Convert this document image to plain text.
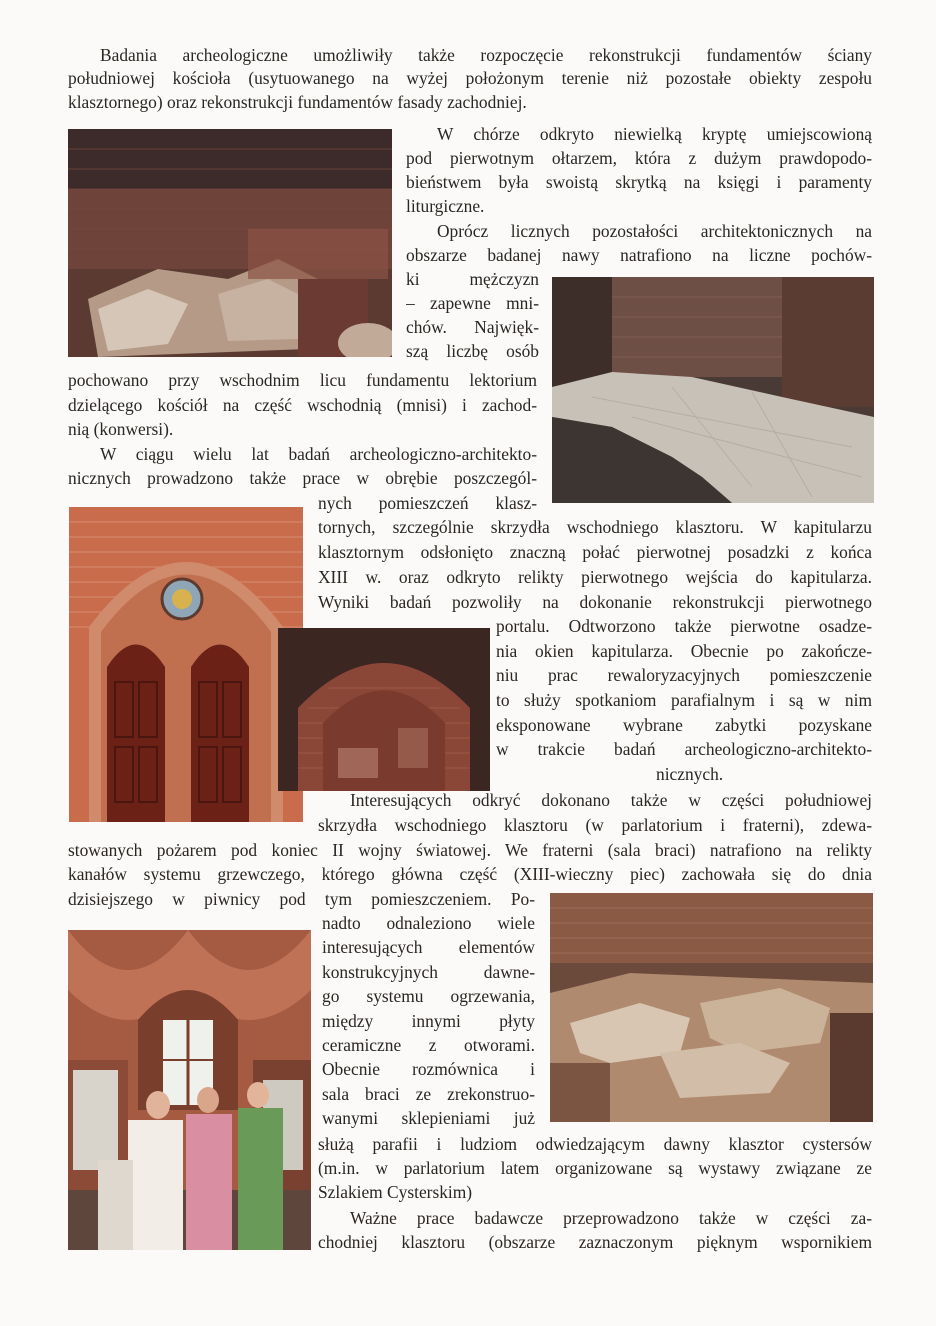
Badania archeologiczne umożliwiły także rozpoczęcie rekonstrukcji fundamentów ściany
południowej kościoła (usytuowanego na wyżej położonym terenie niż pozostałe obiekty zespołu
klasztornego) oraz rekonstrukcji fundamentów fasady zachodniej.
W chórze odkryto niewielką kryptę umiejscowioną
pod pierwotnym ołtarzem, która z dużym prawdopodo-
bieństwem była swoistą skrytką na księgi i paramenty
liturgiczne.
Oprócz licznych pozostałości architektonicznych na
obszarze badanej nawy natrafiono na liczne pochów-
ki mężczyzn
– zapewne mni-
chów. Najwięk-
szą liczbę osób
pochowano przy wschodnim licu fundamentu lektorium
dzielącego kościół na część wschodnią (mnisi) i zachod-
nią (konwersi).
W ciągu wielu lat badań archeologiczno-architekto-
nicznych prowadzono także prace w obrębie poszczegól-
nych pomieszczeń klasz-
tornych, szczególnie skrzydła wschodniego klasztoru. W kapitularzu
klasztornym odsłonięto znaczną połać pierwotnej posadzki z końca
XIII w. oraz odkryto relikty pierwotnego wejścia do kapitularza.
Wyniki badań pozwoliły na dokonanie rekonstrukcji pierwotnego
portalu. Odtworzono także pierwotne osadze-
nia okien kapitularza. Obecnie po zakończe-
niu prac rewaloryzacyjnych pomieszczenie
to służy spotkaniom parafialnym i są w nim
eksponowane wybrane zabytki pozyskane
w trakcie badań archeologiczno-architekto-
nicznych.
Interesujących odkryć dokonano także w części południowej
skrzydła wschodniego klasztoru (w parlatorium i fraterni), zdewa-
stowanych pożarem pod koniec II wojny światowej. We fraterni (sala braci) natrafiono na relikty
kanałów systemu grzewczego, którego główna część (XIII-wieczny piec) zachowała się do dnia
dzisiejszego w piwnicy pod tym pomieszczeniem. Po-
nadto odnaleziono wiele
interesujących elementów
konstrukcyjnych dawne-
go systemu ogrzewania,
między innymi płyty
ceramiczne z otworami.
Obecnie rozmównica i
sala braci ze zrekonstruo-
wanymi sklepieniami już
służą parafii i ludziom odwiedzającym dawny klasztor cystersów
(m.in. w parlatorium latem organizowane są wystawy związane ze
Szlakiem Cysterskim)
Ważne prace badawcze przeprowadzono także w części za-
chodniej klasztoru (obszarze zaznaczonym pięknym wspornikiem
